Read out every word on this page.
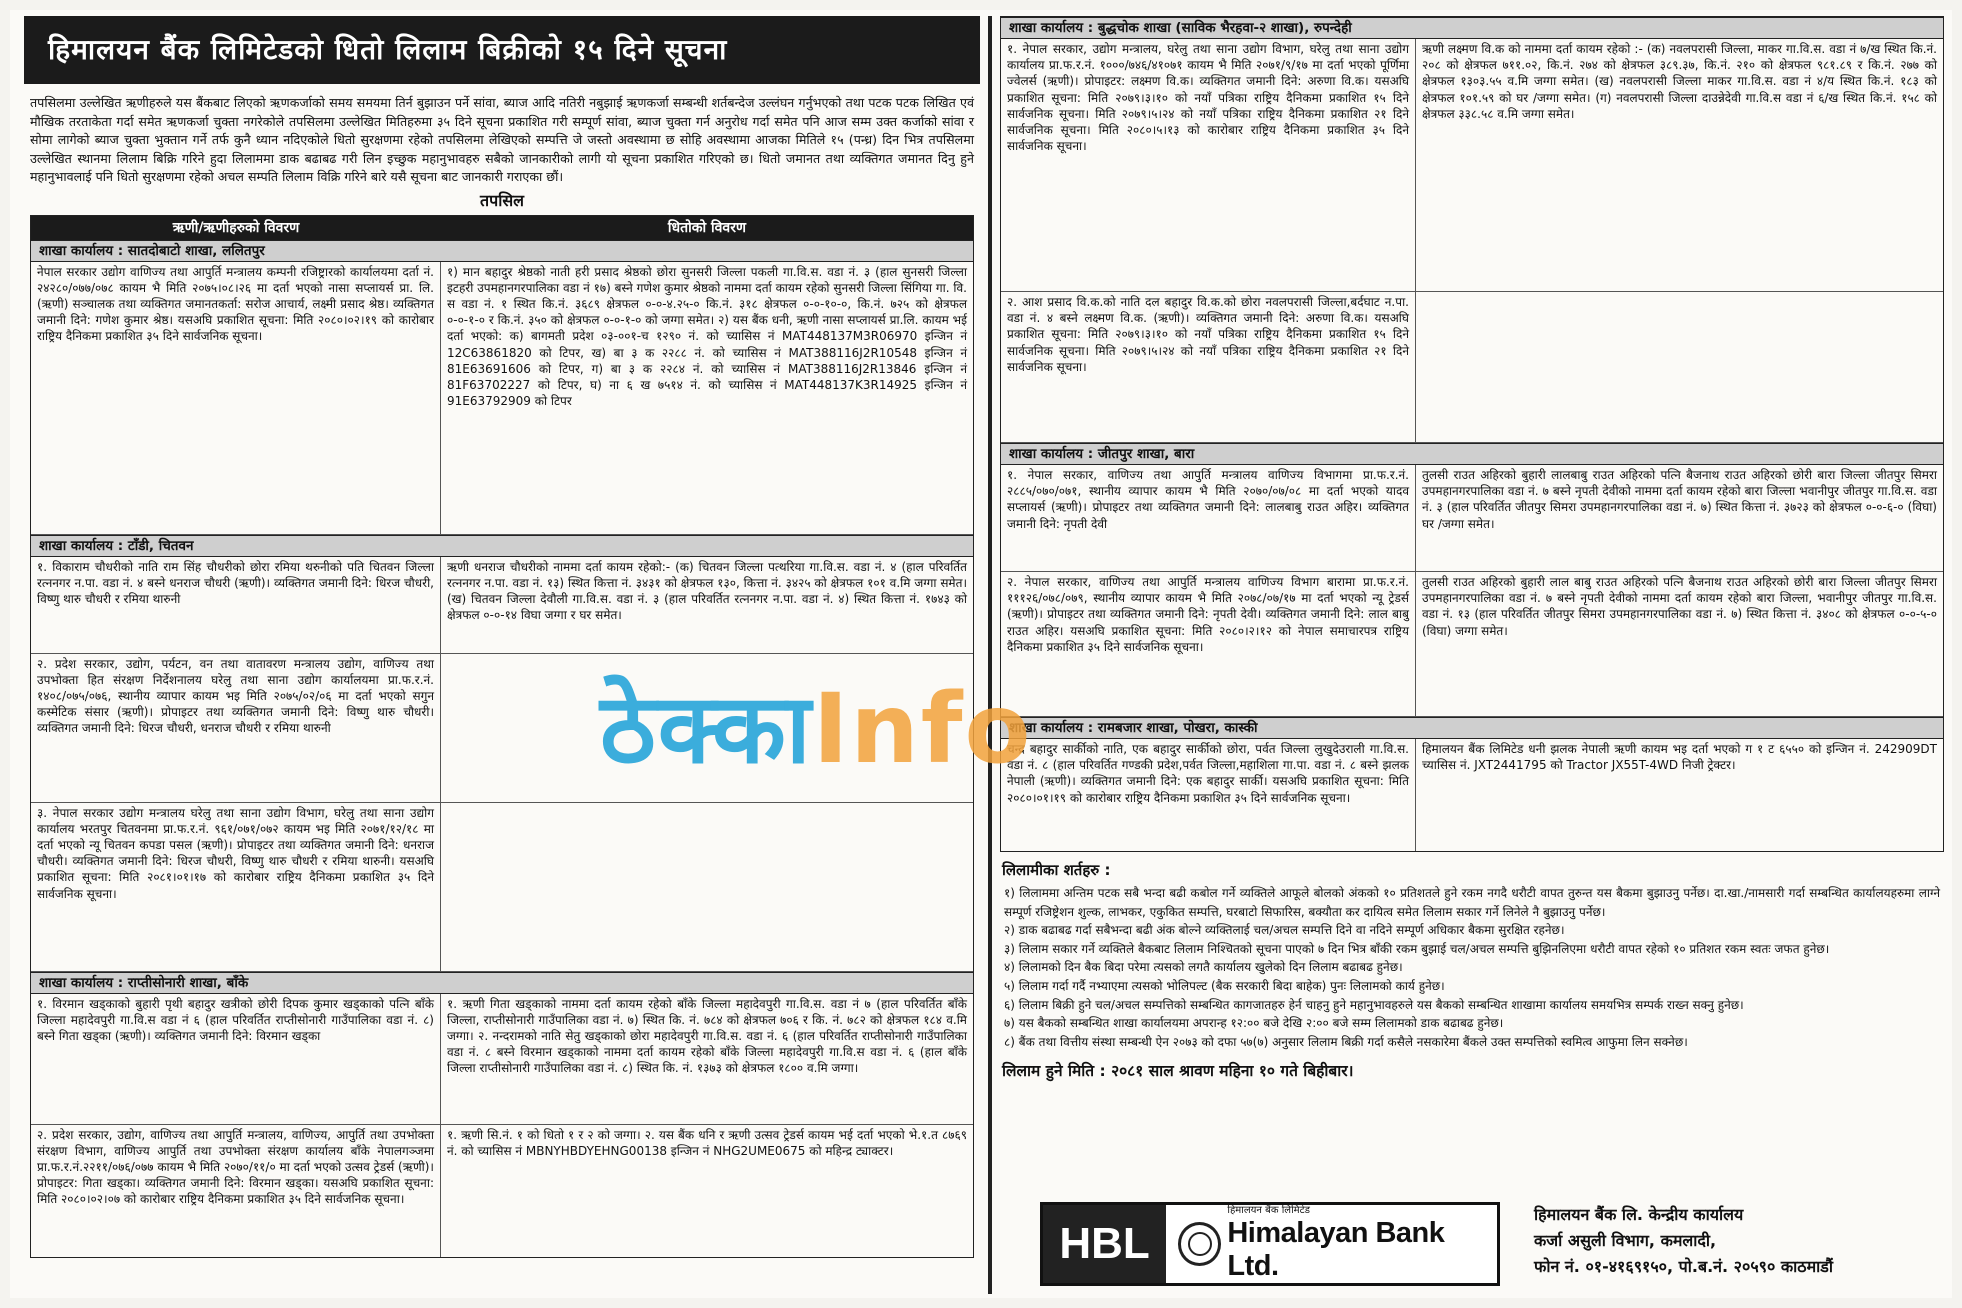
हिमालयन बैंक लिमिटेडको धितो लिलाम बिक्रीको १५ दिने सूचना
तपसिलमा उल्लेखित ऋणीहरुले यस बैंकबाट लिएको ऋणकर्जाको समय समयमा तिर्न बुझाउन पर्ने सांवा, ब्याज आदि नतिरी नबुझाई ऋणकर्जा सम्बन्धी शर्तबन्देज उल्लंघन गर्नुभएको तथा पटक पटक लिखित एवं मौखिक तरताकेता गर्दा समेत ऋणकर्जा चुक्ता नगरेकोले तपसिलमा उल्लेखित मितिहरुमा ३५ दिने सूचना प्रकाशित गरी सम्पूर्ण सांवा, ब्याज चुक्ता गर्न अनुरोध गर्दा समेत पनि आज सम्म उक्त कर्जाको सांवा र सोमा लागेको ब्याज चुक्ता भुक्तान गर्ने तर्फ कुनै ध्यान नदिएकोले धितो सुरक्षणमा रहेको तपसिलमा लेखिएको सम्पत्ति जे जस्तो अवस्थामा छ सोहि अवस्थामा आजका मितिले १५ (पन्ध्र) दिन भित्र तपसिलमा उल्लेखित स्थानमा लिलाम बिक्रि गरिने हुदा लिलाममा डाक बढाबढ गरी लिन इच्छुक महानुभावहरु सबैको जानकारीको लागी यो सूचना प्रकाशित गरिएको छ। धितो जमानत तथा व्यक्तिगत जमानत दिनु हुने महानुभावलाई पनि धितो सुरक्षणमा रहेको अचल सम्पति लिलाम विक्रि गरिने बारे यसै सूचना बाट जानकारी गराएका छौं।
तपसिल
ऋणी/ऋणीहरुको विवरण	धितोको विवरण
शाखा कार्यालय : सातदोबाटो शाखा, ललितपुर
नेपाल सरकार उद्योग वाणिज्य तथा आपुर्ति मन्त्रालय कम्पनी रजिष्ट्रारको कार्यालयमा दर्ता नं. २४२८०/०७७/०७८ कायम भै मिति २०७५।०८।२६ मा दर्ता भएको नासा सप्लायर्स प्रा. लि.(ऋणी) सञ्चालक तथा व्यक्तिगत जमानतकर्ता: सरोज आचार्य, लक्ष्मी प्रसाद श्रेष्ठ। व्यक्तिगत जमानी दिने: गणेश कुमार श्रेष्ठ। यसअघि प्रकाशित सूचना: मिति २०८०।०२।१९ को कारोबार राष्ट्रिय दैनिकमा प्रकाशित ३५ दिने सार्वजनिक सूचना।
१) मान बहादुर श्रेष्ठको नाती हरी प्रसाद श्रेष्ठको छोरा सुनसरी जिल्ला पकली गा.वि.स. वडा नं. ३ (हाल सुनसरी जिल्ला इटहरी उपमहानगरपालिका वडा नं १७) बस्ने गणेश कुमार श्रेष्ठको नाममा दर्ता कायम रहेको सुनसरी जिल्ला सिंगिया गा. वि. स वडा नं. १ स्थित कि.नं. ३६८९ क्षेत्रफल ०-०-४.२५-० कि.नं. ३१८ क्षेत्रफल ०-०-१०-०, कि.नं. ७२५ को क्षेत्रफल ०-०-१-० र कि.नं. ३५० को क्षेत्रफल ०-०-१-० को जग्गा समेत। २) यस बैंक धनी, ऋणी नासा सप्लायर्स प्रा.लि. कायम भई दर्ता भएको: क) बागमती प्रदेश ०३-००१-च १२९० नं. को च्यासिस नं MAT448137M3R06970 इन्जिन नं 12C63861820 को टिपर, ख) बा ३ क २२८८ नं. को च्यासिस नं MAT388116J2R10548 इन्जिन नं 81E63691606 को टिपर, ग) बा ३ क २२८४ नं. को च्यासिस नं MAT388116J2R13846 इन्जिन नं 81F63702227 को टिपर, घ) ना ६ ख ७५१४ नं. को च्यासिस नं MAT448137K3R14925 इन्जिन नं 91E63792909 को टिपर
शाखा कार्यालय : टाँडी, चितवन
१. विकाराम चौधरीको नाति राम सिंह चौधरीको छोरा रमिया थरुनीको पति चितवन जिल्ला रत्ननगर न.पा. वडा नं. ४ बस्ने धनराज चौधरी (ऋणी)। व्यक्तिगत जमानी दिने: धिरज चौधरी, विष्णु थारु चौधरी र रमिया थारुनी
ऋणी धनराज चौधरीको नाममा दर्ता कायम रहेको:- (क) चितवन जिल्ला पत्थरिया गा.वि.स. वडा नं. ४ (हाल परिवर्तित रत्ननगर न.पा. वडा नं. १३) स्थित कित्ता नं. ३४३१ को क्षेत्रफल १३०, कित्ता नं. ३४२५ को क्षेत्रफल १०१ व.मि जग्गा समेत। (ख) चितवन जिल्ला देवौली गा.वि.स. वडा नं. ३ (हाल परिवर्तित रत्ननगर न.पा. वडा नं. ४) स्थित कित्ता नं. १७४३ को क्षेत्रफल ०-०-१४ विघा जग्गा र घर समेत।
२. प्रदेश सरकार, उद्योग, पर्यटन, वन तथा वातावरण मन्त्रालय उद्योग, वाणिज्य तथा उपभोक्ता हित संरक्षण निर्देशनालय घरेलु तथा साना उद्योग कार्यालयमा प्रा.फ.र.नं. १४०८/०७५/०७६, स्थानीय व्यापार कायम भइ मिति २०७५/०२/०६ मा दर्ता भएको सगुन कस्मेटिक संसार (ऋणी)। प्रोपाइटर तथा व्यक्तिगत जमानी दिने: विष्णु थारु चौधरी। व्यक्तिगत जमानी दिने: धिरज चौधरी, धनराज चौधरी र रमिया थारुनी
३. नेपाल सरकार उद्योग मन्त्रालय घरेलु तथा साना उद्योग विभाग, घरेलु तथा साना उद्योग कार्यालय भरतपुर चितवनमा प्रा.फ.र.नं. ९६१/०७१/०७२ कायम भइ मिति २०७१/१२/१८ मा दर्ता भएको न्यू चितवन कपडा पसल (ऋणी)। प्रोपाइटर तथा व्यक्तिगत जमानी दिने: धनराज चौधरी। व्यक्तिगत जमानी दिने: धिरज चौधरी, विष्णु थारु चौधरी र रमिया थारुनी। यसअघि प्रकाशित सूचना: मिति २०८१।०१।१७ को कारोबार राष्ट्रिय दैनिकमा प्रकाशित ३५ दिने सार्वजनिक सूचना।
शाखा कार्यालय : राप्तीसोनारी शाखा, बाँके
१. विरमान खड्काको बुहारी पृथी बहादुर खत्रीको छोरी दिपक कुमार खड्काको पत्नि बाँके जिल्ला महादेवपुरी गा.वि.स वडा नं ६ (हाल परिवर्तित राप्तीसोनारी गाउँपालिका वडा नं. ८) बस्ने गिता खड्का (ऋणी)। व्यक्तिगत जमानी दिने: विरमान खड्का
१. ऋणी गिता खड्काको नाममा दर्ता कायम रहेको बाँके जिल्ला महादेवपुरी गा.वि.स. वडा नं ७ (हाल परिवर्तित बाँके जिल्ला, राप्तीसोनारी गाउँपालिका वडा नं. ७) स्थित कि. नं. ७८४ को क्षेत्रफल ७०६ र कि. नं. ७८२ को क्षेत्रफल १८४ व.मि जग्गा। २. नन्दरामको नाति सेतु खड्काको छोरा महादेवपुरी गा.वि.स. वडा नं. ६ (हाल परिवर्तित राप्तीसोनारी गाउँपालिका वडा नं. ८ बस्ने विरमान खड्काको नाममा दर्ता कायम रहेको बाँके जिल्ला महादेवपुरी गा.वि.स वडा नं. ६ (हाल बाँके जिल्ला राप्तीसोनारी गाउँपालिका वडा नं. ८) स्थित कि. नं. १३७३ को क्षेत्रफल १८०० व.मि जग्गा।
२. प्रदेश सरकार, उद्योग, वाणिज्य तथा आपुर्ति मन्त्रालय, वाणिज्य, आपुर्ति तथा उपभोक्ता संरक्षण विभाग, वाणिज्य आपुर्ति तथा उपभोक्ता संरक्षण कार्यालय बाँके नेपालगञ्जमा प्रा.फ.र.नं.२२११/०७६/०७७ कायम भै मिति २०७०/११/० मा दर्ता भएको उत्सव ट्रेडर्स (ऋणी)। प्रोपाइटर: गिता खड्का। व्यक्तिगत जमानी दिने: विरमान खड्का। यसअघि प्रकाशित सूचना: मिति २०८०।०२।०७ को कारोबार राष्ट्रिय दैनिकमा प्रकाशित ३५ दिने सार्वजनिक सूचना।
१. ऋणी सि.नं. १ को धितो १ र २ को जग्गा। २. यस बैंक धनि र ऋणी उत्सव ट्रेडर्स कायम भई दर्ता भएको भे.१.त ८७६९ नं. को च्यासिस नं MBNYHBDYEHNG00138 इन्जिन नं NHG2UME0675 को महिन्द्र ट्याक्टर।
शाखा कार्यालय : बुद्धचोक शाखा (साविक भैरहवा-२ शाखा), रुपन्देही
१. नेपाल सरकार, उद्योग मन्त्रालय, घरेलु तथा साना उद्योग विभाग, घरेलु तथा साना उद्योग कार्यालय प्रा.फ.र.नं. १०००/७४६/४१०७१ कायम भै मिति २०७१/९/१७ मा दर्ता भएको पूर्णिमा ज्वेलर्स (ऋणी)। प्रोपाइटर: लक्ष्मण वि.क। व्यक्तिगत जमानी दिने: अरुणा वि.क। यसअघि प्रकाशित सूचना: मिति २०७९।३।१० को नयाँ पत्रिका राष्ट्रिय दैनिकमा प्रकाशित १५ दिने सार्वजनिक सूचना। मिति २०७९।५।२४ को नयाँ पत्रिका राष्ट्रिय दैनिकमा प्रकाशित २१ दिने सार्वजनिक सूचना। मिति २०८०।५।१३ को कारोबार राष्ट्रिय दैनिकमा प्रकाशित ३५ दिने सार्वजनिक सूचना।
ऋणी लक्ष्मण वि.क को नाममा दर्ता कायम रहेको :- (क) नवलपरासी जिल्ला, माकर गा.वि.स. वडा नं ७/ख स्थित कि.नं. २०८ को क्षेत्रफल ७११.०२, कि.नं. २७४ को क्षेत्रफल ३८९.३७, कि.नं. २१० को क्षेत्रफल ९८१.८९ र कि.नं. २७७ को क्षेत्रफल १३०३.५५ व.मि जग्गा समेत। (ख) नवलपरासी जिल्ला माकर गा.वि.स. वडा नं ४/य स्थित कि.नं. १८३ को क्षेत्रफल १०१.५९ को घर /जग्गा समेत। (ग) नवलपरासी जिल्ला दाउन्नेदेवी गा.वि.स वडा नं ६/ख स्थित कि.नं. १५८ को क्षेत्रफल ३३८.५८ व.मि जग्गा समेत।
२. आश प्रसाद वि.क.को नाति दल बहादुर वि.क.को छोरा नवलपरासी जिल्ला,बर्दघाट न.पा. वडा नं. ४ बस्ने लक्ष्मण वि.क. (ऋणी)। व्यक्तिगत जमानी दिने: अरुणा वि.क। यसअघि प्रकाशित सूचना: मिति २०७९।३।१० को नयाँ पत्रिका राष्ट्रिय दैनिकमा प्रकाशित १५ दिने सार्वजनिक सूचना। मिति २०७९।५।२४ को नयाँ पत्रिका राष्ट्रिय दैनिकमा प्रकाशित २१ दिने सार्वजनिक सूचना।
शाखा कार्यालय : जीतपुर शाखा, बारा
१. नेपाल सरकार, वाणिज्य तथा आपुर्ति मन्त्रालय वाणिज्य विभागमा प्रा.फ.र.नं. २८८५/०७०/०७१, स्थानीय व्यापार कायम भै मिति २०७०/०७/०८ मा दर्ता भएको यादव सप्लायर्स (ऋणी)। प्रोपाइटर तथा व्यक्तिगत जमानी दिने: लालबाबु राउत अहिर। व्यक्तिगत जमानी दिने: नृपती देवी
तुलसी राउत अहिरको बुहारी लालबाबु राउत अहिरको पत्नि बैजनाथ राउत अहिरको छोरी बारा जिल्ला जीतपुर सिमरा उपमहानगरपालिका वडा नं. ७ बस्ने नृपती देवीको नाममा दर्ता कायम रहेको बारा जिल्ला भवानीपुर जीतपुर गा.वि.स. वडा नं. ३ (हाल परिवर्तित जीतपुर सिमरा उपमहानगरपालिका वडा नं. ७) स्थित कित्ता नं. ३७२३ को क्षेत्रफल ०-०-६-० (विघा) घर /जग्गा समेत।
२. नेपाल सरकार, वाणिज्य तथा आपुर्ति मन्त्रालय वाणिज्य विभाग बारामा प्रा.फ.र.नं. १११२६/०७८/०७९, स्थानीय व्यापार कायम भै मिति २०७८/०७/१७ मा दर्ता भएको न्यू ट्रेडर्स (ऋणी)। प्रोपाइटर तथा व्यक्तिगत जमानी दिने: नृपती देवी। व्यक्तिगत जमानी दिने: लाल बाबु राउत अहिर। यसअघि प्रकाशित सूचना: मिति २०८०।२।१२ को नेपाल समाचारपत्र राष्ट्रिय दैनिकमा प्रकाशित ३५ दिने सार्वजनिक सूचना।
तुलसी राउत अहिरको बुहारी लाल बाबु राउत अहिरको पत्नि बैजनाथ राउत अहिरको छोरी बारा जिल्ला जीतपुर सिमरा उपमहानगरपालिका वडा नं. ७ बस्ने नृपती देवीको नाममा दर्ता कायम रहेको बारा जिल्ला, भवानीपुर जीतपुर गा.वि.स. वडा नं. १३ (हाल परिवर्तित जीतपुर सिमरा उपमहानगरपालिका वडा नं. ७) स्थित कित्ता नं. ३४०८ को क्षेत्रफल ०-०-५-० (विघा) जग्गा समेत।
शाखा कार्यालय : रामबजार शाखा, पोखरा, कास्की
चन्द्र बहादुर सार्कीको नाति, एक बहादुर सार्कीको छोरा, पर्वत जिल्ला लुखुदेउराली गा.वि.स. वडा नं. ८ (हाल परिवर्तित गण्डकी प्रदेश,पर्वत जिल्ला,महाशिला गा.पा. वडा नं. ८ बस्ने झलक नेपाली (ऋणी)। व्यक्तिगत जमानी दिने: एक बहादुर सार्की। यसअघि प्रकाशित सूचना: मिति २०८०।०१।१९ को कारोबार राष्ट्रिय दैनिकमा प्रकाशित ३५ दिने सार्वजनिक सूचना।
हिमालयन बैंक लिमिटेड धनी झलक नेपाली ऋणी कायम भइ दर्ता भएको ग १ ट ६५५० को इन्जिन नं. 242909DT च्यासिस नं. JXT2441795 को Tractor JX55T-4WD निजी ट्रेक्टर।
लिलामीका शर्तहरु :
१) लिलाममा अन्तिम पटक सबै भन्दा बढी कबोल गर्ने व्यक्तिले आफूले बोलको अंकको १० प्रतिशतले हुने रकम नगदै धरौटी वापत तुरुन्त यस बैकमा बुझाउनु पर्नेछ। दा.खा./नामसारी गर्दा सम्बन्धित कार्यालयहरुमा लाग्ने सम्पूर्ण रजिष्ट्रेशन शुल्क, लाभकर, एकुकित सम्पत्ति, घरबाटो सिफारिस, बक्यौता कर दायित्व समेत लिलाम सकार गर्ने लिनेले नै बुझाउनु पर्नेछ।
२) डाक बढाबढ गर्दा सबैभन्दा बढी अंक बोल्ने व्यक्तिलाई चल/अचल सम्पत्ति दिने वा नदिने सम्पूर्ण अधिकार बैकमा सुरक्षित रहनेछ।
३) लिलाम सकार गर्ने व्यक्तिले बैकबाट लिलाम निश्चितको सूचना पाएको ७ दिन भित्र बाँकी रकम बुझाई चल/अचल सम्पत्ति बुझिनलिएमा धरौटी वापत रहेको १० प्रतिशत रकम स्वतः जफत हुनेछ।
४) लिलामको दिन बैक बिदा परेमा त्यसको लगतै कार्यालय खुलेको दिन लिलाम बढाबढ हुनेछ।
५) लिलाम गर्दा गर्दै नभ्याएमा त्यसको भोलिपल्ट (बैक सरकारी बिदा बाहेक) पुनः लिलामको कार्य हुनेछ।
६) लिलाम बिक्री हुने चल/अचल सम्पत्तिको सम्बन्धित कागजातहरु हेर्न चाहनु हुने महानुभावहरुले यस बैकको सम्बन्धित शाखामा कार्यालय समयभित्र सम्पर्क राख्न सक्नु हुनेछ।
७) यस बैकको सम्बन्धित शाखा कार्यालयमा अपरान्ह १२:०० बजे देखि २:०० बजे सम्म लिलामको डाक बढाबढ हुनेछ।
८) बैंक तथा वित्तीय संस्था सम्बन्धी ऐन २०७३ को दफा ५७(७) अनुसार लिलाम बिक्री गर्दा कसैले नसकारेमा बैंकले उक्त सम्पत्तिको स्वमित्व आफुमा लिन सक्नेछ।
लिलाम हुने मिति : २०८१ साल श्रावण महिना १० गते बिहीबार।
HBL
हिमालयन बैंक लिमिटेड
Himalayan Bank Ltd.
हिमालयन बैंक लि. केन्द्रीय कार्यालय
कर्जा असुली विभाग, कमलादी,
फोन नं. ०१-४१६९१५०, पो.ब.नं. २०५९० काठमाडौं
ठेक्काInfo
